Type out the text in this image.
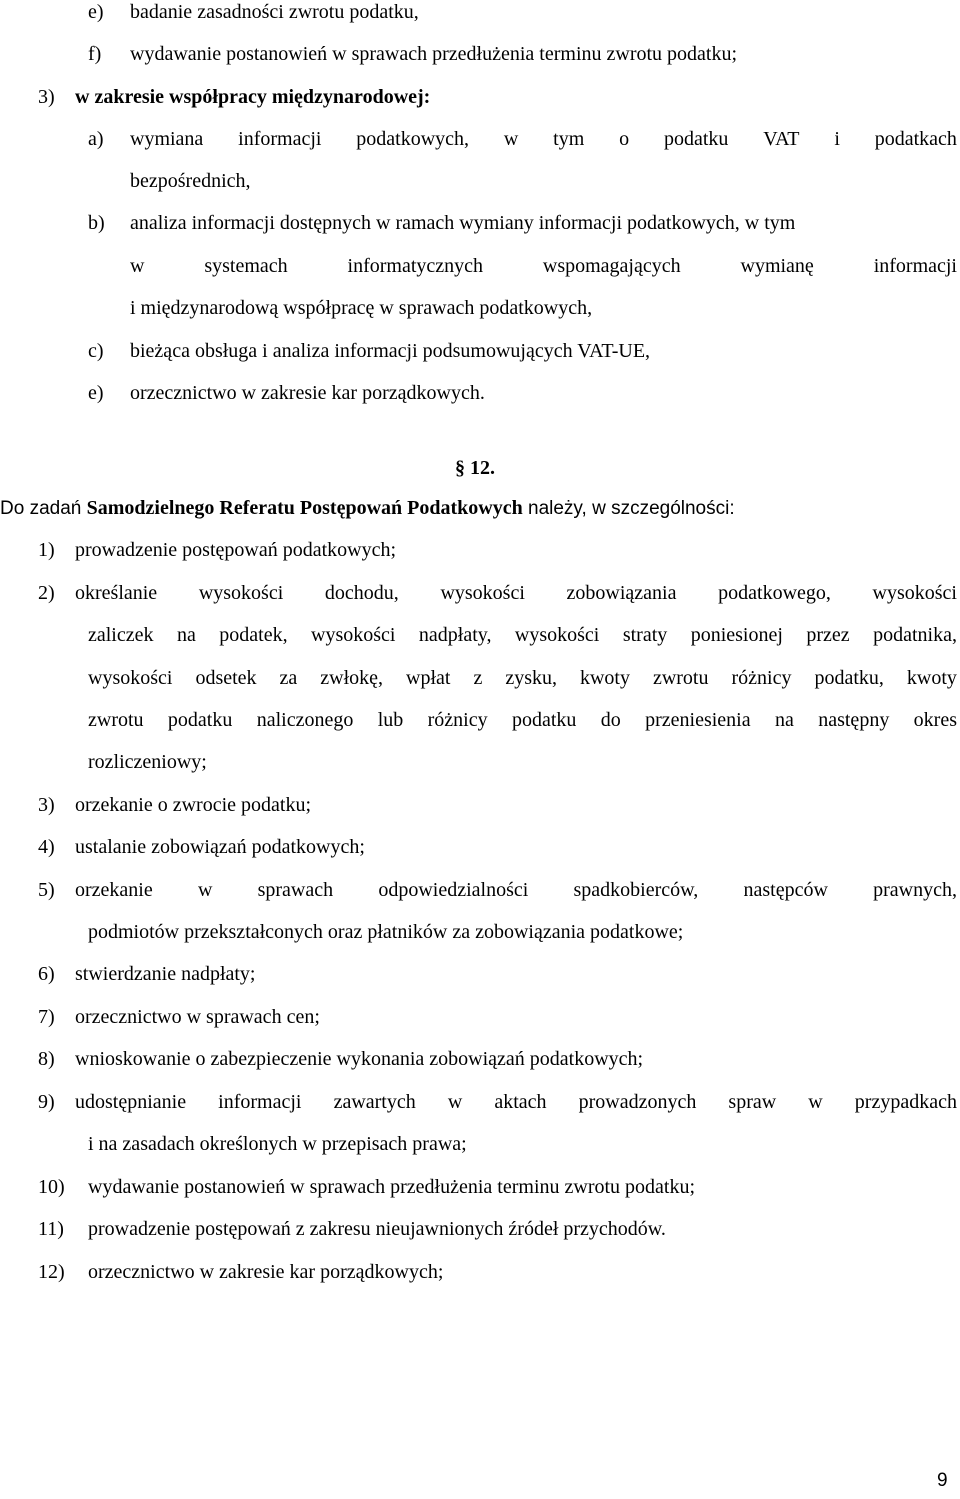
e) badanie zasadności zwrotu podatku,
f) wydawanie postanowień w sprawach przedłużenia terminu zwrotu podatku;
3) w zakresie współpracy międzynarodowej:
a) wymiana informacji podatkowych, w tym o podatku VAT i podatkach
bezpośrednich,
b) analiza informacji dostępnych w ramach wymiany informacji podatkowych, w tym
w	systemach	informatycznych	wspomagających	wymianę	informacji
i międzynarodową współpracę w sprawach podatkowych,
c) bieżąca obsługa i analiza informacji podsumowujących VAT-UE,
e) orzecznictwo w zakresie kar porządkowych.
§ 12.
Do zadań Samodzielnego Referatu Postępowań Podatkowych należy, w szczególności:
1) prowadzenie postępowań podatkowych;
2) określanie wysokości dochodu, wysokości zobowiązania podatkowego, wysokości
zaliczek na podatek, wysokości nadpłaty, wysokości straty poniesionej przez podatnika,
wysokości odsetek za zwłokę, wpłat z zysku, kwoty zwrotu różnicy podatku, kwoty
zwrotu podatku naliczonego lub różnicy podatku do przeniesienia na następny okres
rozliczeniowy;
3) orzekanie o zwrocie podatku;
4) ustalanie zobowiązań podatkowych;
5) orzekanie w sprawach odpowiedzialności spadkobierców, następców prawnych,
podmiotów przekształconych oraz płatników za zobowiązania podatkowe;
6) stwierdzanie nadpłaty;
7) orzecznictwo w sprawach cen;
8) wnioskowanie o zabezpieczenie wykonania zobowiązań podatkowych;
9) udostępnianie informacji zawartych w aktach prowadzonych spraw w przypadkach
i na zasadach określonych w przepisach prawa;
10) wydawanie postanowień w sprawach przedłużenia terminu zwrotu podatku;
11) prowadzenie postępowań z zakresu nieujawnionych źródeł przychodów.
12) orzecznictwo w zakresie kar porządkowych;
9
